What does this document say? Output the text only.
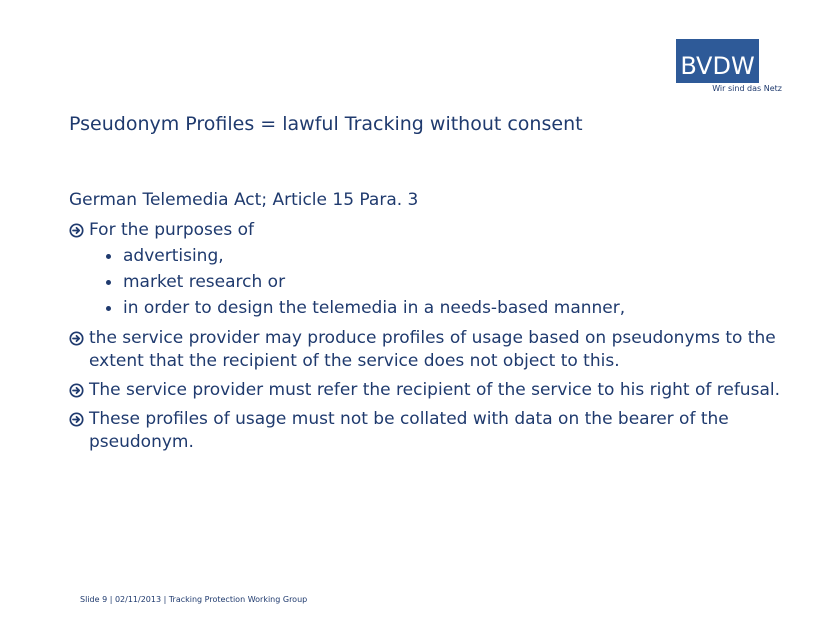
BVDW
Wir sind das Netz
Pseudonym Profiles = lawful Tracking without consent
German Telemedia Act; Article 15 Para. 3
For the purposes of
advertising,
market research or
in order to design the telemedia in a needs-based manner,
the service provider may produce profiles of usage based on pseudonyms to the extent that the recipient of the service does not object to this.
The service provider must refer the recipient of the service to his right of refusal.
These profiles of usage must not be collated with data on the bearer of the pseudonym.
Slide 9 | 02/11/2013 | Tracking Protection Working Group
